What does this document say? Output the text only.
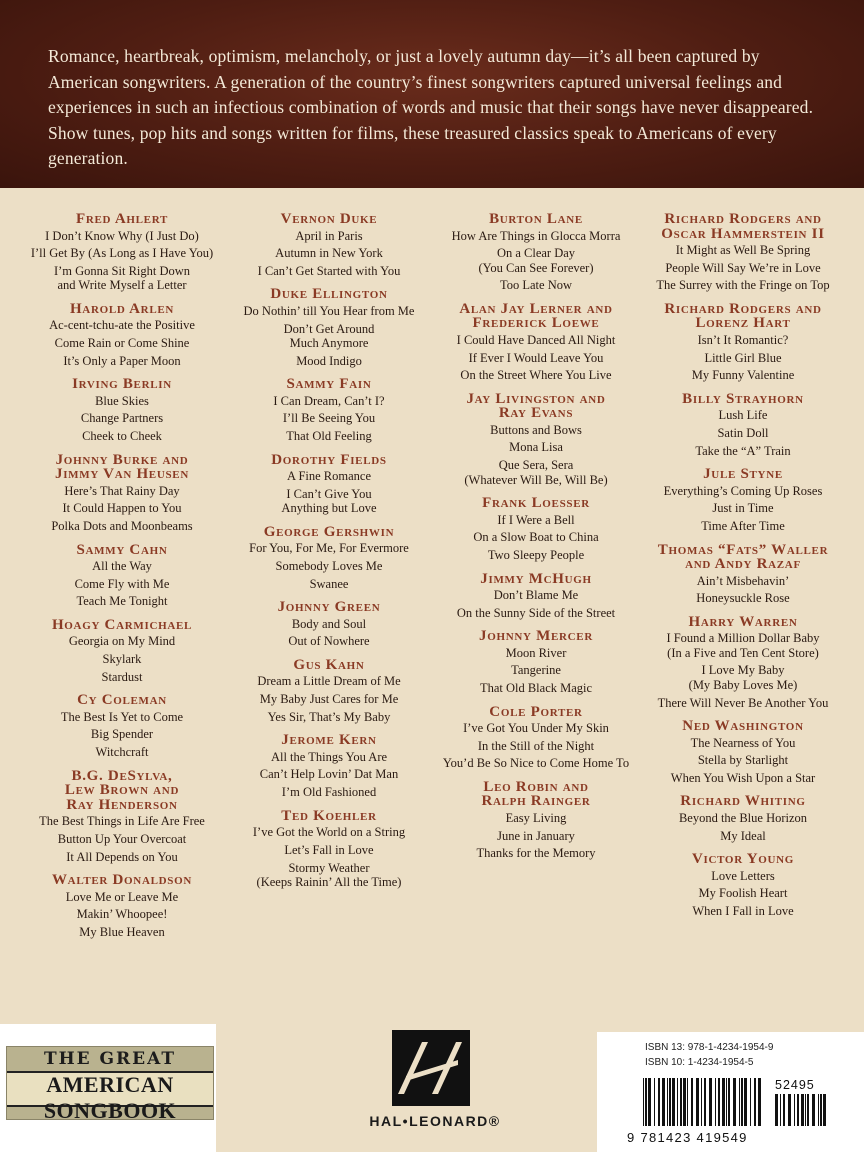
Romance, heartbreak, optimism, melancholy, or just a lovely autumn day—it’s all been captured by American songwriters. A generation of the country’s finest songwriters captured universal feelings and experiences in such an infectious combination of words and music that their songs have never disappeared. Show tunes, pop hits and songs written for films, these treasured classics speak to Americans of every generation.

Fred Ahlert
I Don’t Know Why (I Just Do)
I’ll Get By (As Long as I Have You)
I’m Gonna Sit Right Down
and Write Myself a Letter
Harold Arlen
Ac-cent-tchu-ate the Positive
Come Rain or Come Shine
It’s Only a Paper Moon
Irving Berlin
Blue Skies
Change Partners
Cheek to Cheek
Johnny Burke and
Jimmy Van Heusen
Here’s That Rainy Day
It Could Happen to You
Polka Dots and Moonbeams
Sammy Cahn
All the Way
Come Fly with Me
Teach Me Tonight
Hoagy Carmichael
Georgia on My Mind
Skylark
Stardust
Cy Coleman
The Best Is Yet to Come
Big Spender
Witchcraft
B.G. DeSylva,
Lew Brown and
Ray Henderson
The Best Things in Life Are Free
Button Up Your Overcoat
It All Depends on You
Walter Donaldson
Love Me or Leave Me
Makin’ Whoopee!
My Blue Heaven
Vernon Duke
April in Paris
Autumn in New York
I Can’t Get Started with You
Duke Ellington
Do Nothin’ till You Hear from Me
Don’t Get Around
Much Anymore
Mood Indigo
Sammy Fain
I Can Dream, Can’t I?
I’ll Be Seeing You
That Old Feeling
Dorothy Fields
A Fine Romance
I Can’t Give You
Anything but Love
George Gershwin
For You, For Me, For Evermore
Somebody Loves Me
Swanee
Johnny Green
Body and Soul
Out of Nowhere
Gus Kahn
Dream a Little Dream of Me
My Baby Just Cares for Me
Yes Sir, That’s My Baby
Jerome Kern
All the Things You Are
Can’t Help Lovin’ Dat Man
I’m Old Fashioned
Ted Koehler
I’ve Got the World on a String
Let’s Fall in Love
Stormy Weather
(Keeps Rainin’ All the Time)
Burton Lane
How Are Things in Glocca Morra
On a Clear Day
(You Can See Forever)
Too Late Now
Alan Jay Lerner and
Frederick Loewe
I Could Have Danced All Night
If Ever I Would Leave You
On the Street Where You Live
Jay Livingston and
Ray Evans
Buttons and Bows
Mona Lisa
Que Sera, Sera
(Whatever Will Be, Will Be)
Frank Loesser
If I Were a Bell
On a Slow Boat to China
Two Sleepy People
Jimmy McHugh
Don’t Blame Me
On the Sunny Side of the Street
Johnny Mercer
Moon River
Tangerine
That Old Black Magic
Cole Porter
I’ve Got You Under My Skin
In the Still of the Night
You’d Be So Nice to Come Home To
Leo Robin and
Ralph Rainger
Easy Living
June in January
Thanks for the Memory
Richard Rodgers and
Oscar Hammerstein II
It Might as Well Be Spring
People Will Say We’re in Love
The Surrey with the Fringe on Top
Richard Rodgers and
Lorenz Hart
Isn’t It Romantic?
Little Girl Blue
My Funny Valentine
Billy Strayhorn
Lush Life
Satin Doll
Take the “A” Train
Jule Styne
Everything’s Coming Up Roses
Just in Time
Time After Time
Thomas “Fats” Waller
and Andy Razaf
Ain’t Misbehavin’
Honeysuckle Rose
Harry Warren
I Found a Million Dollar Baby
(In a Five and Ten Cent Store)
I Love My Baby
(My Baby Loves Me)
There Will Never Be Another You
Ned Washington
The Nearness of You
Stella by Starlight
When You Wish Upon a Star
Richard Whiting
Beyond the Blue Horizon
My Ideal
Victor Young
Love Letters
My Foolish Heart
When I Fall in Love
THE GREAT
AMERICAN SONGBOOK	HAL•LEONARD®
ISBN 13: 978-1-4234-1954-9
ISBN 10: 1-4234-1954-5
52495
9 781423 419549
